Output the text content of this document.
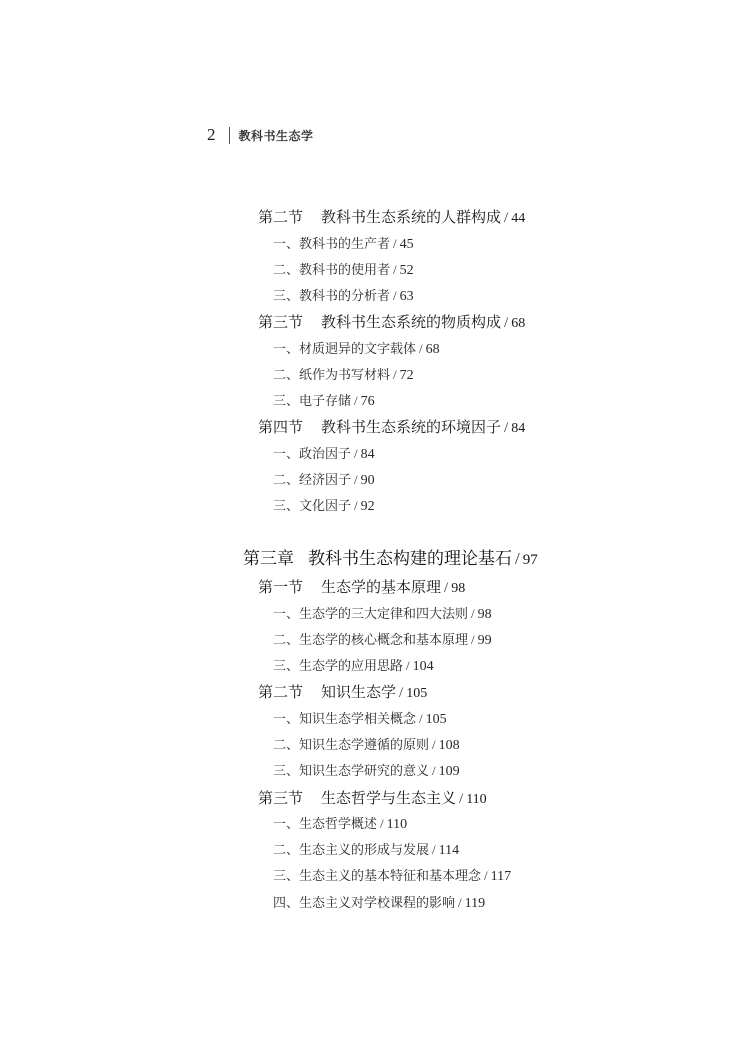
2 教科书生态学
第二节 教科书生态系统的人群构成 / 44
一、教科书的生产者 / 45
二、教科书的使用者 / 52
三、教科书的分析者 / 63
第三节 教科书生态系统的物质构成 / 68
一、材质迥异的文字载体 / 68
二、纸作为书写材料 / 72
三、电子存储 / 76
第四节 教科书生态系统的环境因子 / 84
一、政治因子 / 84
二、经济因子 / 90
三、文化因子 / 92
第三章 教科书生态构建的理论基石 / 97
第一节 生态学的基本原理 / 98
一、生态学的三大定律和四大法则 / 98
二、生态学的核心概念和基本原理 / 99
三、生态学的应用思路 / 104
第二节 知识生态学 / 105
一、知识生态学相关概念 / 105
二、知识生态学遵循的原则 / 108
三、知识生态学研究的意义 / 109
第三节 生态哲学与生态主义 / 110
一、生态哲学概述 / 110
二、生态主义的形成与发展 / 114
三、生态主义的基本特征和基本理念 / 117
四、生态主义对学校课程的影响 / 119
